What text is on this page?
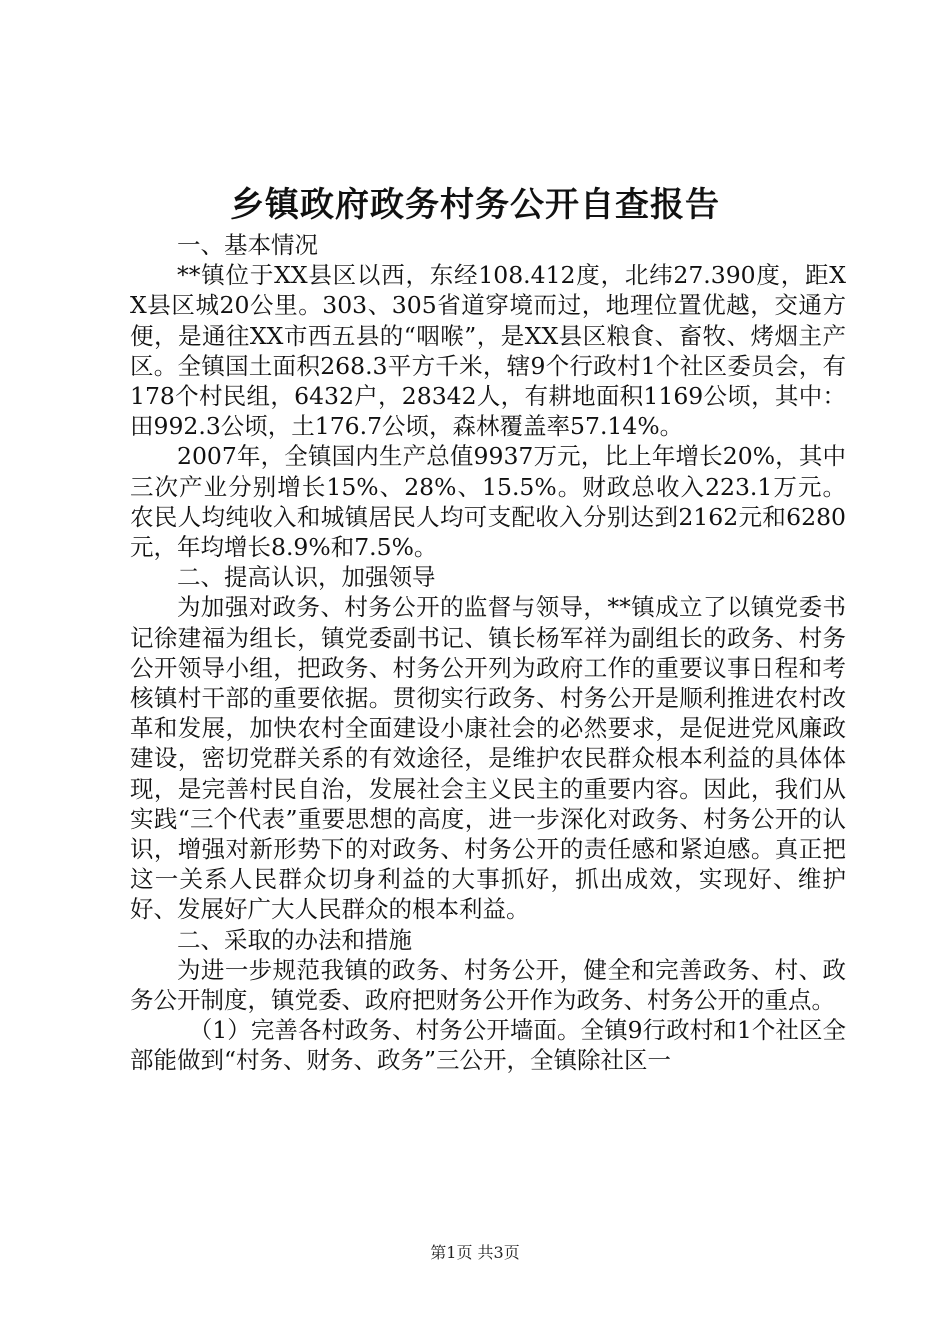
乡镇政府政务村务公开自查报告

一、基本情况

**镇位于XX县区以西，东经108.412度，北纬27.390度，距XX县区城20公里。303、305省道穿境而过，地理位置优越，交通方便，是通往XX市西五县的“咽喉”，是XX县区粮食、畜牧、烤烟主产区。全镇国土面积268.3平方千米，辖9个行政村1个社区委员会，有178个村民组，6432户，28342人，有耕地面积1169公顷，其中：田992.3公顷，土176.7公顷，森林覆盖率57.14%。

2007年，全镇国内生产总值9937万元，比上年增长20%，其中三次产业分别增长15%、28%、15.5%。财政总收入223.1万元。农民人均纯收入和城镇居民人均可支配收入分别达到2162元和6280元，年均增长8.9%和7.5%。

二、提高认识，加强领导

为加强对政务、村务公开的监督与领导，**镇成立了以镇党委书记徐建福为组长，镇党委副书记、镇长杨军祥为副组长的政务、村务公开领导小组，把政务、村务公开列为政府工作的重要议事日程和考核镇村干部的重要依据。贯彻实行政务、村务公开是顺利推进农村改革和发展，加快农村全面建设小康社会的必然要求，是促进党风廉政建设，密切党群关系的有效途径，是维护农民群众根本利益的具体体现，是完善村民自治，发展社会主义民主的重要内容。因此，我们从实践“三个代表”重要思想的高度，进一步深化对政务、村务公开的认识，增强对新形势下的对政务、村务公开的责任感和紧迫感。真正把这一关系人民群众切身利益的大事抓好，抓出成效，实现好、维护好、发展好广大人民群众的根本利益。

二、采取的办法和措施

为进一步规范我镇的政务、村务公开，健全和完善政务、村、政务公开制度，镇党委、政府把财务公开作为政务、村务公开的重点。

（1）完善各村政务、村务公开墙面。全镇9行政村和1个社区全部能做到“村务、财务、政务”三公开，全镇除社区一

第1页 共3页
